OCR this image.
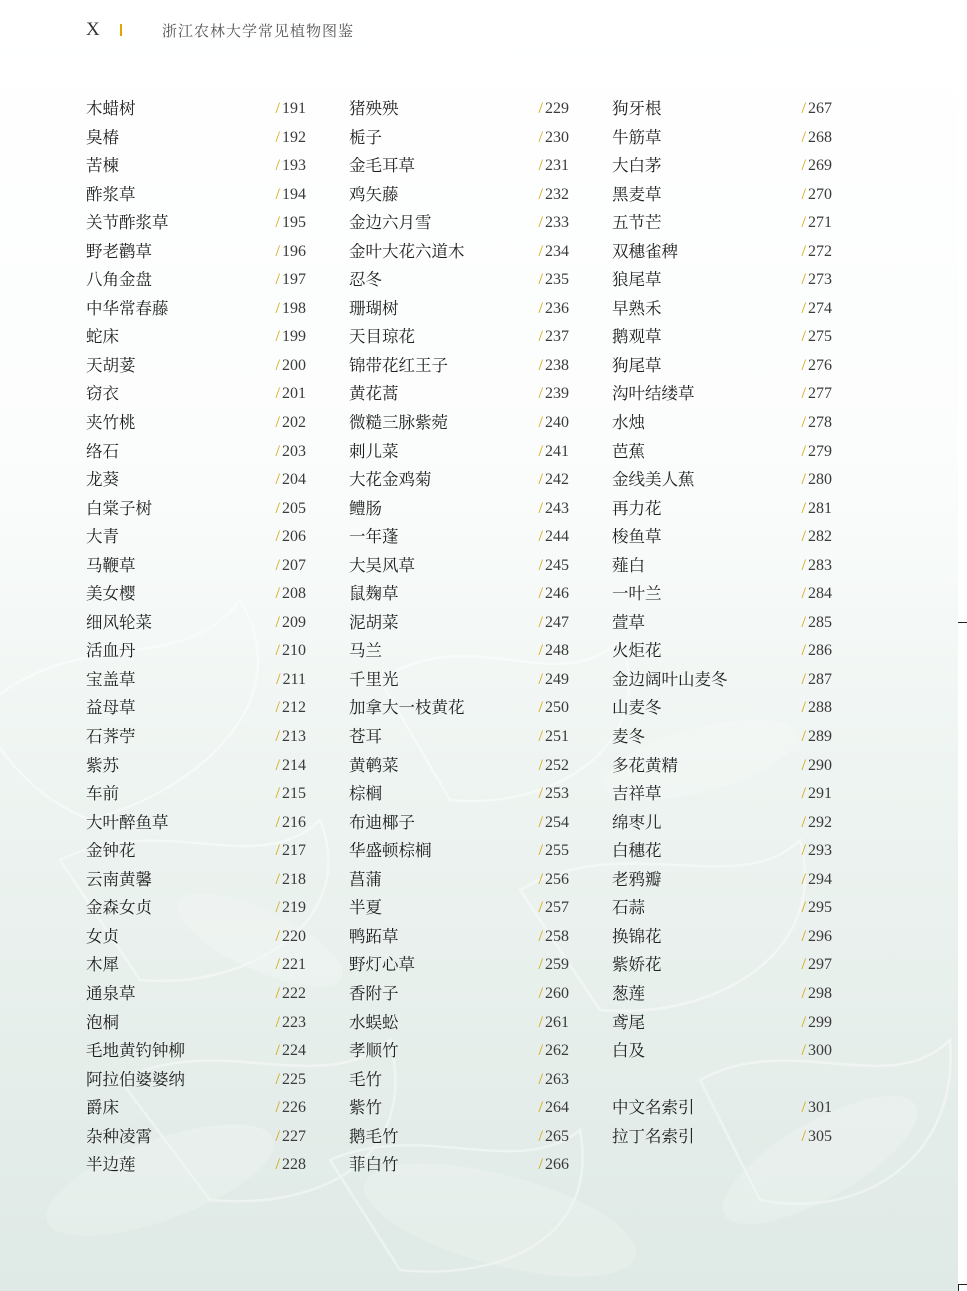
X	浙江农林大学常见植物图鉴
木蜡树	/ 191
臭椿	/ 192
苦楝	/ 193
酢浆草	/ 194
关节酢浆草	/ 195
野老鹳草	/ 196
八角金盘	/ 197
中华常春藤	/ 198
蛇床	/ 199
天胡荽	/ 200
窃衣	/ 201
夹竹桃	/ 202
络石	/ 203
龙葵	/ 204
白棠子树	/ 205
大青	/ 206
马鞭草	/ 207
美女樱	/ 208
细风轮菜	/ 209
活血丹	/ 210
宝盖草	/ 211
益母草	/ 212
石荠苧	/ 213
紫苏	/ 214
车前	/ 215
大叶醉鱼草	/ 216
金钟花	/ 217
云南黄馨	/ 218
金森女贞	/ 219
女贞	/ 220
木犀	/ 221
通泉草	/ 222
泡桐	/ 223
毛地黄钓钟柳	/ 224
阿拉伯婆婆纳	/ 225
爵床	/ 226
杂种凌霄	/ 227
半边莲	/ 228
猪殃殃	/ 229
栀子	/ 230
金毛耳草	/ 231
鸡矢藤	/ 232
金边六月雪	/ 233
金叶大花六道木	/ 234
忍冬	/ 235
珊瑚树	/ 236
天目琼花	/ 237
锦带花红王子	/ 238
黄花蒿	/ 239
微糙三脉紫菀	/ 240
刺儿菜	/ 241
大花金鸡菊	/ 242
鳢肠	/ 243
一年蓬	/ 244
大吴风草	/ 245
鼠麹草	/ 246
泥胡菜	/ 247
马兰	/ 248
千里光	/ 249
加拿大一枝黄花	/ 250
苍耳	/ 251
黄鹌菜	/ 252
棕榈	/ 253
布迪椰子	/ 254
华盛顿棕榈	/ 255
菖蒲	/ 256
半夏	/ 257
鸭跖草	/ 258
野灯心草	/ 259
香附子	/ 260
水蜈蚣	/ 261
孝顺竹	/ 262
毛竹	/ 263
紫竹	/ 264
鹅毛竹	/ 265
菲白竹	/ 266
狗牙根	/ 267
牛筋草	/ 268
大白茅	/ 269
黑麦草	/ 270
五节芒	/ 271
双穗雀稗	/ 272
狼尾草	/ 273
早熟禾	/ 274
鹅观草	/ 275
狗尾草	/ 276
沟叶结缕草	/ 277
水烛	/ 278
芭蕉	/ 279
金线美人蕉	/ 280
再力花	/ 281
梭鱼草	/ 282
薤白	/ 283
一叶兰	/ 284
萱草	/ 285
火炬花	/ 286
金边阔叶山麦冬	/ 287
山麦冬	/ 288
麦冬	/ 289
多花黄精	/ 290
吉祥草	/ 291
绵枣儿	/ 292
白穗花	/ 293
老鸦瓣	/ 294
石蒜	/ 295
换锦花	/ 296
紫娇花	/ 297
葱莲	/ 298
鸢尾	/ 299
白及	/ 300
中文名索引	/ 301
拉丁名索引	/ 305
